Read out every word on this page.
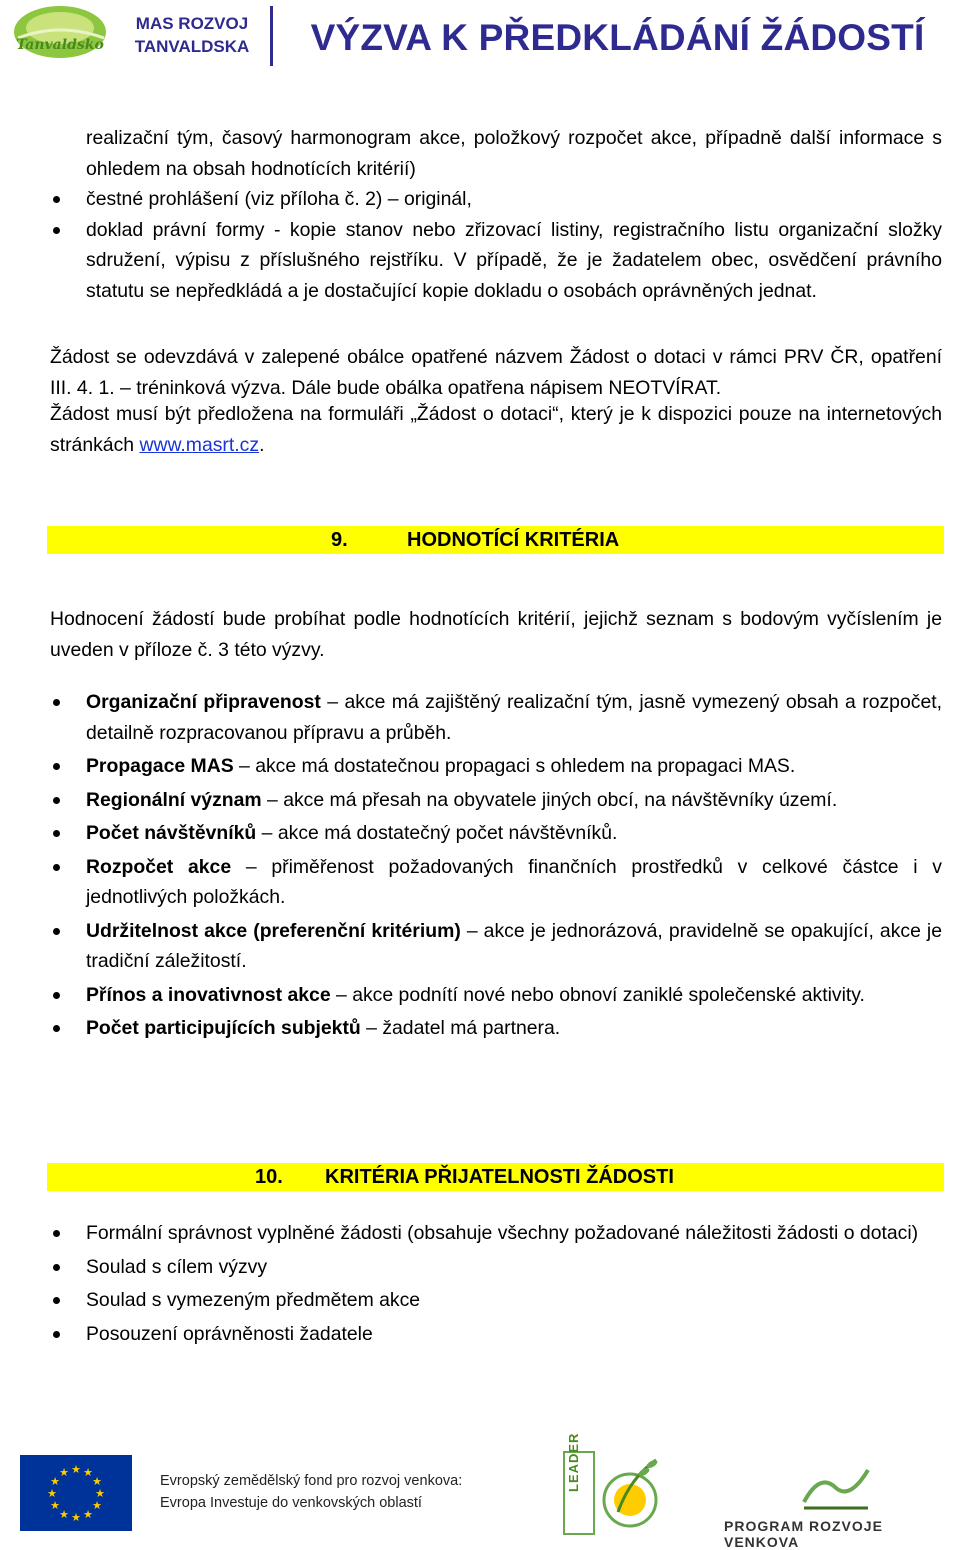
Tanvaldsko
MAS ROZVOJ
TANVALDSKA	VÝZVA K PŘEDKLÁDÁNÍ ŽÁDOSTÍ
realizační tým, časový harmonogram akce, položkový rozpočet akce, případně další informace s ohledem na obsah hodnotících kritérií)
čestné prohlášení (viz příloha č. 2) – originál,
doklad právní formy - kopie stanov nebo zřizovací listiny, registračního listu organizační složky sdružení, výpisu z příslušného rejstříku. V případě, že je žadatelem obec, osvědčení právního statutu se nepředkládá a je dostačující kopie dokladu o osobách oprávněných jednat.
Žádost se odevzdává v zalepené obálce opatřené názvem Žádost o dotaci v rámci PRV ČR, opatření III. 4. 1. – tréninková výzva. Dále bude obálka opatřena nápisem NEOTVÍRAT.
Žádost musí být předložena na formuláři „Žádost o dotaci“, který je k dispozici pouze na internetových stránkách www.masrt.cz.
9.	HODNOTÍCÍ KRITÉRIA
Hodnocení žádostí bude probíhat podle hodnotících kritérií, jejichž seznam s bodovým vyčíslením je uveden v příloze č. 3 této výzvy.
Organizační připravenost – akce má zajištěný realizační tým, jasně vymezený obsah a rozpočet, detailně rozpracovanou přípravu a průběh.
Propagace MAS – akce má dostatečnou propagaci s ohledem na propagaci MAS.
Regionální význam – akce má přesah na obyvatele jiných obcí, na návštěvníky území.
Počet návštěvníků – akce má dostatečný počet návštěvníků.
Rozpočet akce – přiměřenost požadovaných finančních prostředků v celkové částce i v jednotlivých položkách.
Udržitelnost akce (preferenční kritérium) – akce je jednorázová, pravidelně se opakující, akce je tradiční záležitostí.
Přínos a inovativnost akce – akce podnítí nové nebo obnoví zaniklé společenské aktivity.
Počet participujících subjektů – žadatel má partnera.
10. KRITÉRIA PŘIJATELNOSTI ŽÁDOSTI
Formální správnost vyplněné žádosti (obsahuje všechny požadované náležitosti žádosti o dotaci)
Soulad s cílem výzvy
Soulad s vymezeným předmětem akce
Posouzení oprávněnosti žadatele
★ ★
★
★
★
★
★
★
★
★
★
★
Evropský zemědělský fond pro rozvoj venkova:
Evropa Investuje do venkovských oblastí
LEADER
PROGRAM ROZVOJE VENKOVA
